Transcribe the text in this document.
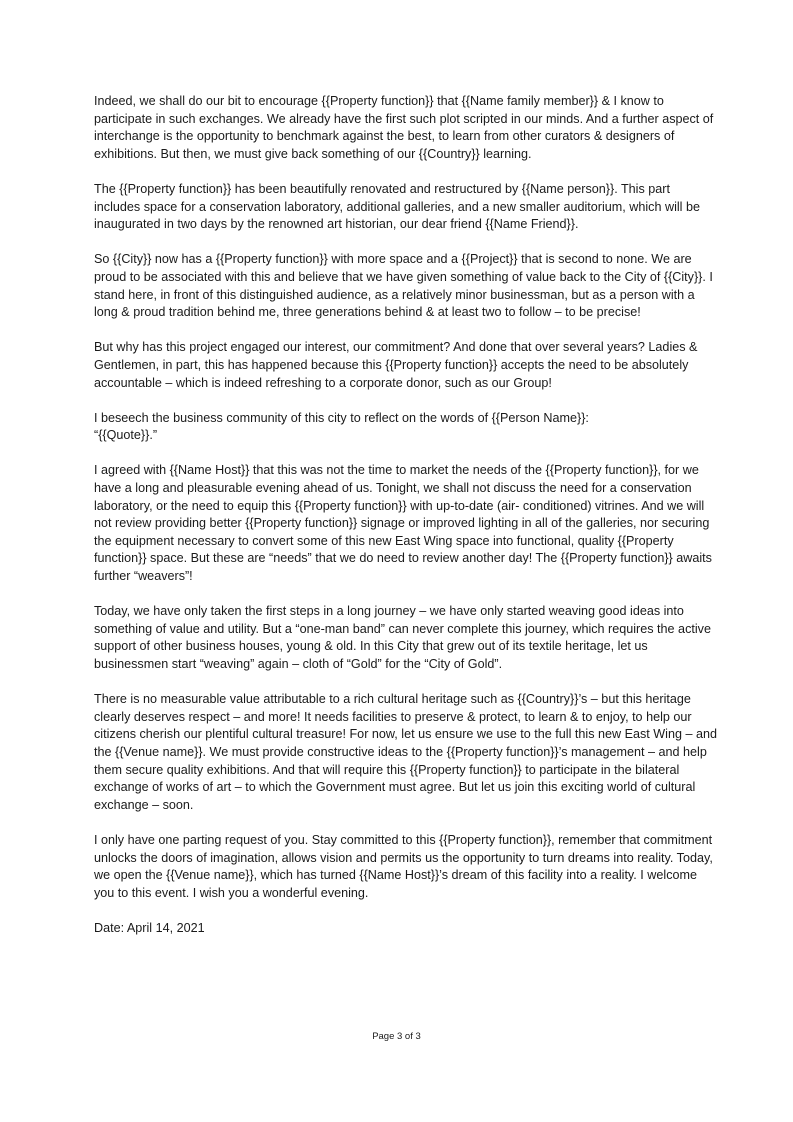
Indeed, we shall do our bit to encourage {{Property function}} that {{Name family member}} & I know to participate in such exchanges. We already have the first such plot scripted in our minds. And a further aspect of interchange is the opportunity to benchmark against the best, to learn from other curators & designers of exhibitions. But then, we must give back something of our {{Country}} learning.

The {{Property function}} has been beautifully renovated and restructured by {{Name person}}. This part includes space for a conservation laboratory, additional galleries, and a new smaller auditorium, which will be inaugurated in two days by the renowned art historian, our dear friend {{Name Friend}}.

So {{City}} now has a {{Property function}} with more space and a {{Project}} that is second to none. We are proud to be associated with this and believe that we have given something of value back to the City of {{City}}. I stand here, in front of this distinguished audience, as a relatively minor businessman, but as a person with a long & proud tradition behind me, three generations behind & at least two to follow – to be precise!

But why has this project engaged our interest, our commitment? And done that over several years? Ladies & Gentlemen, in part, this has happened because this {{Property function}} accepts the need to be absolutely accountable – which is indeed refreshing to a corporate donor, such as our Group!

I beseech the business community of this city to reflect on the words of {{Person Name}}:
“{{Quote}}.”

I agreed with {{Name Host}} that this was not the time to market the needs of the {{Property function}}, for we have a long and pleasurable evening ahead of us. Tonight, we shall not discuss the need for a conservation laboratory, or the need to equip this {{Property function}} with up-to-date (air- conditioned) vitrines. And we will not review providing better {{Property function}} signage or improved lighting in all of the galleries, nor securing the equipment necessary to convert some of this new East Wing space into functional, quality {{Property function}} space. But these are “needs” that we do need to review another day! The {{Property function}} awaits further “weavers”!

Today, we have only taken the first steps in a long journey – we have only started weaving good ideas into something of value and utility. But a “one-man band” can never complete this journey, which requires the active support of other business houses, young & old. In this City that grew out of its textile heritage, let us businessmen start “weaving” again – cloth of “Gold” for the “City of Gold”.

There is no measurable value attributable to a rich cultural heritage such as {{Country}}’s – but this heritage clearly deserves respect – and more! It needs facilities to preserve & protect, to learn & to enjoy, to help our citizens cherish our plentiful cultural treasure! For now, let us ensure we use to the full this new East Wing – and the {{Venue name}}. We must provide constructive ideas to the {{Property function}}’s management – and help them secure quality exhibitions. And that will require this {{Property function}} to participate in the bilateral exchange of works of art – to which the Government must agree. But let us join this exciting world of cultural exchange – soon.

I only have one parting request of you. Stay committed to this {{Property function}}, remember that commitment unlocks the doors of imagination, allows vision and permits us the opportunity to turn dreams into reality. Today, we open the {{Venue name}}, which has turned {{Name Host}}’s dream of this facility into a reality. I welcome you to this event. I wish you a wonderful evening.

Date: April 14, 2021

Page 3 of 3
